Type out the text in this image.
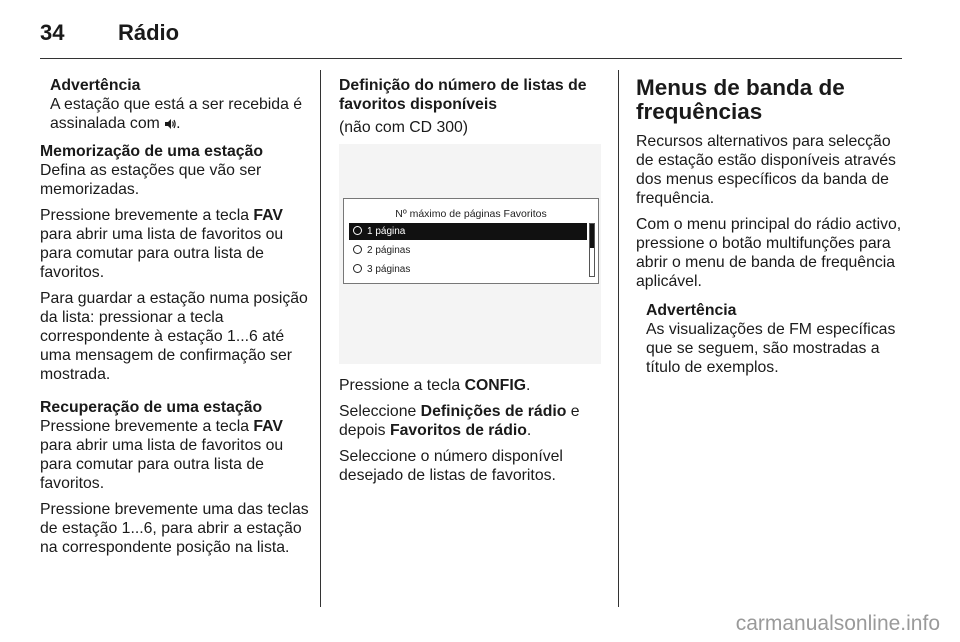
34 Rádio
Advertência
A estação que está a ser recebida é assinalada com .
Memorização de uma estação

Defina as estações que vão ser memorizadas.

Pressione brevemente a tecla FAV para abrir uma lista de favoritos ou para comutar para outra lista de favoritos.

Para guardar a estação numa posição da lista: pressionar a tecla correspondente à estação 1...6 até uma mensagem de confirmação ser mostrada.

Recuperação de uma estação

Pressione brevemente a tecla FAV para abrir uma lista de favoritos ou para comutar para outra lista de favoritos.

Pressione brevemente uma das teclas de estação 1...6, para abrir a estação na correspondente posição na lista.

Definição do número de listas de favoritos disponíveis

(não com CD 300)

Nº máximo de páginas Favoritos
1 página
2 páginas
3 páginas

Pressione a tecla CONFIG.

Seleccione Definições de rádio e depois Favoritos de rádio.

Seleccione o número disponível desejado de listas de favoritos.

Menus de banda de frequências

Recursos alternativos para selecção de estação estão disponíveis através dos menus específicos da banda de frequência.

Com o menu principal do rádio activo, pressione o botão multifunções para abrir o menu de banda de frequência aplicável.

Advertência
As visualizações de FM específicas que se seguem, são mostradas a título de exemplos.
carmanualsonline.info
